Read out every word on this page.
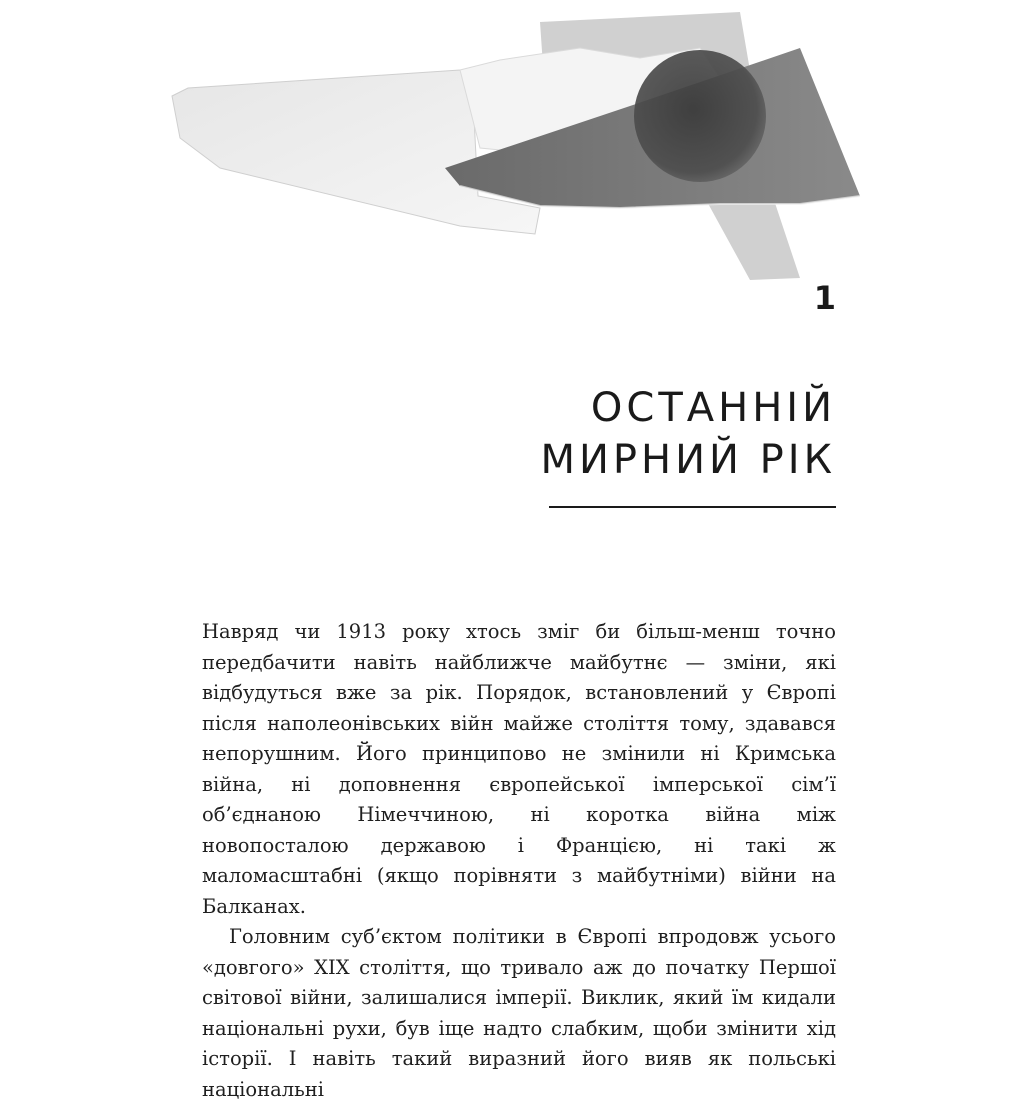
1
ОСТАННІЙ
МИРНИЙ РІК

Навряд чи 1913 року хтось зміг би більш-менш точно передбачити навіть найближче майбутнє — зміни, які відбудуться вже за рік. Порядок, встановлений у Європі після наполеонівських війн майже століття тому, здавався непорушним. Його принципово не змінили ні Кримська війна, ні доповнення європейської імперської сім’ї об’єднаною Німеччиною, ні коротка війна між новопосталою державою і Францією, ні такі ж маломасштабні (якщо порівняти з майбутніми) війни на Балканах.

Головним суб’єктом політики в Європі впродовж усього «довгого» XIX століття, що тривало аж до початку Першої світової війни, залишалися імперії. Виклик, який їм кидали національні рухи, був іще надто слабким, щоби змінити хід історії. І навіть такий виразний його вияв як польські національні
